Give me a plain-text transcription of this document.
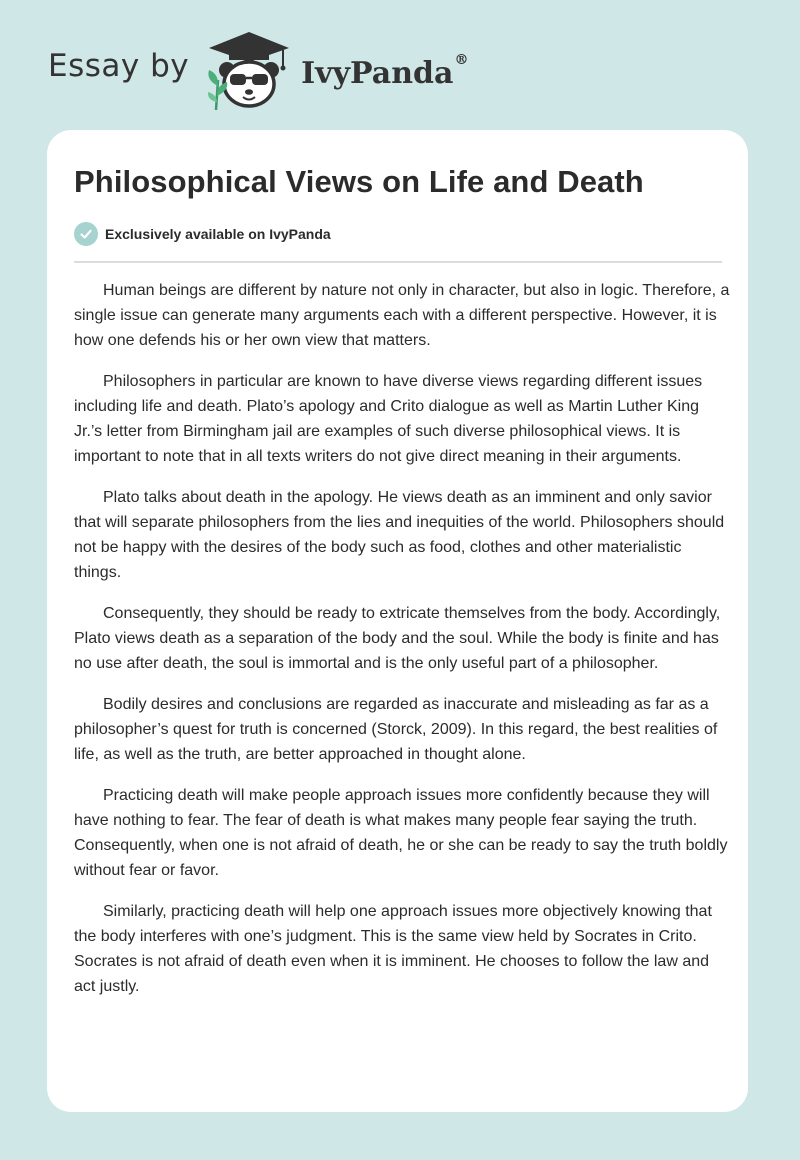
Essay by	IvyPanda®
Philosophical Views on Life and Death
Exclusively available on IvyPanda

Human beings are different by nature not only in character, but also in logic. Therefore, a single issue can generate many arguments each with a different perspective. However, it is how one defends his or her own view that matters.

Philosophers in particular are known to have diverse views regarding different issues including life and death. Plato’s apology and Crito dialogue as well as Martin Luther King Jr.’s letter from Birmingham jail are examples of such diverse philosophical views. It is important to note that in all texts writers do not give direct meaning in their arguments.

Plato talks about death in the apology. He views death as an imminent and only savior that will separate philosophers from the lies and inequities of the world. Philosophers should not be happy with the desires of the body such as food, clothes and other materialistic things.

Consequently, they should be ready to extricate themselves from the body. Accordingly, Plato views death as a separation of the body and the soul. While the body is finite and has no use after death, the soul is immortal and is the only useful part of a philosopher.

Bodily desires and conclusions are regarded as inaccurate and misleading as far as a philosopher’s quest for truth is concerned (Storck, 2009). In this regard, the best realities of life, as well as the truth, are better approached in thought alone.

Practicing death will make people approach issues more confidently because they will have nothing to fear. The fear of death is what makes many people fear saying the truth. Consequently, when one is not afraid of death, he or she can be ready to say the truth boldly without fear or favor.

Similarly, practicing death will help one approach issues more objectively knowing that the body interferes with one’s judgment. This is the same view held by Socrates in Crito. Socrates is not afraid of death even when it is imminent. He chooses to follow the law and act justly.
